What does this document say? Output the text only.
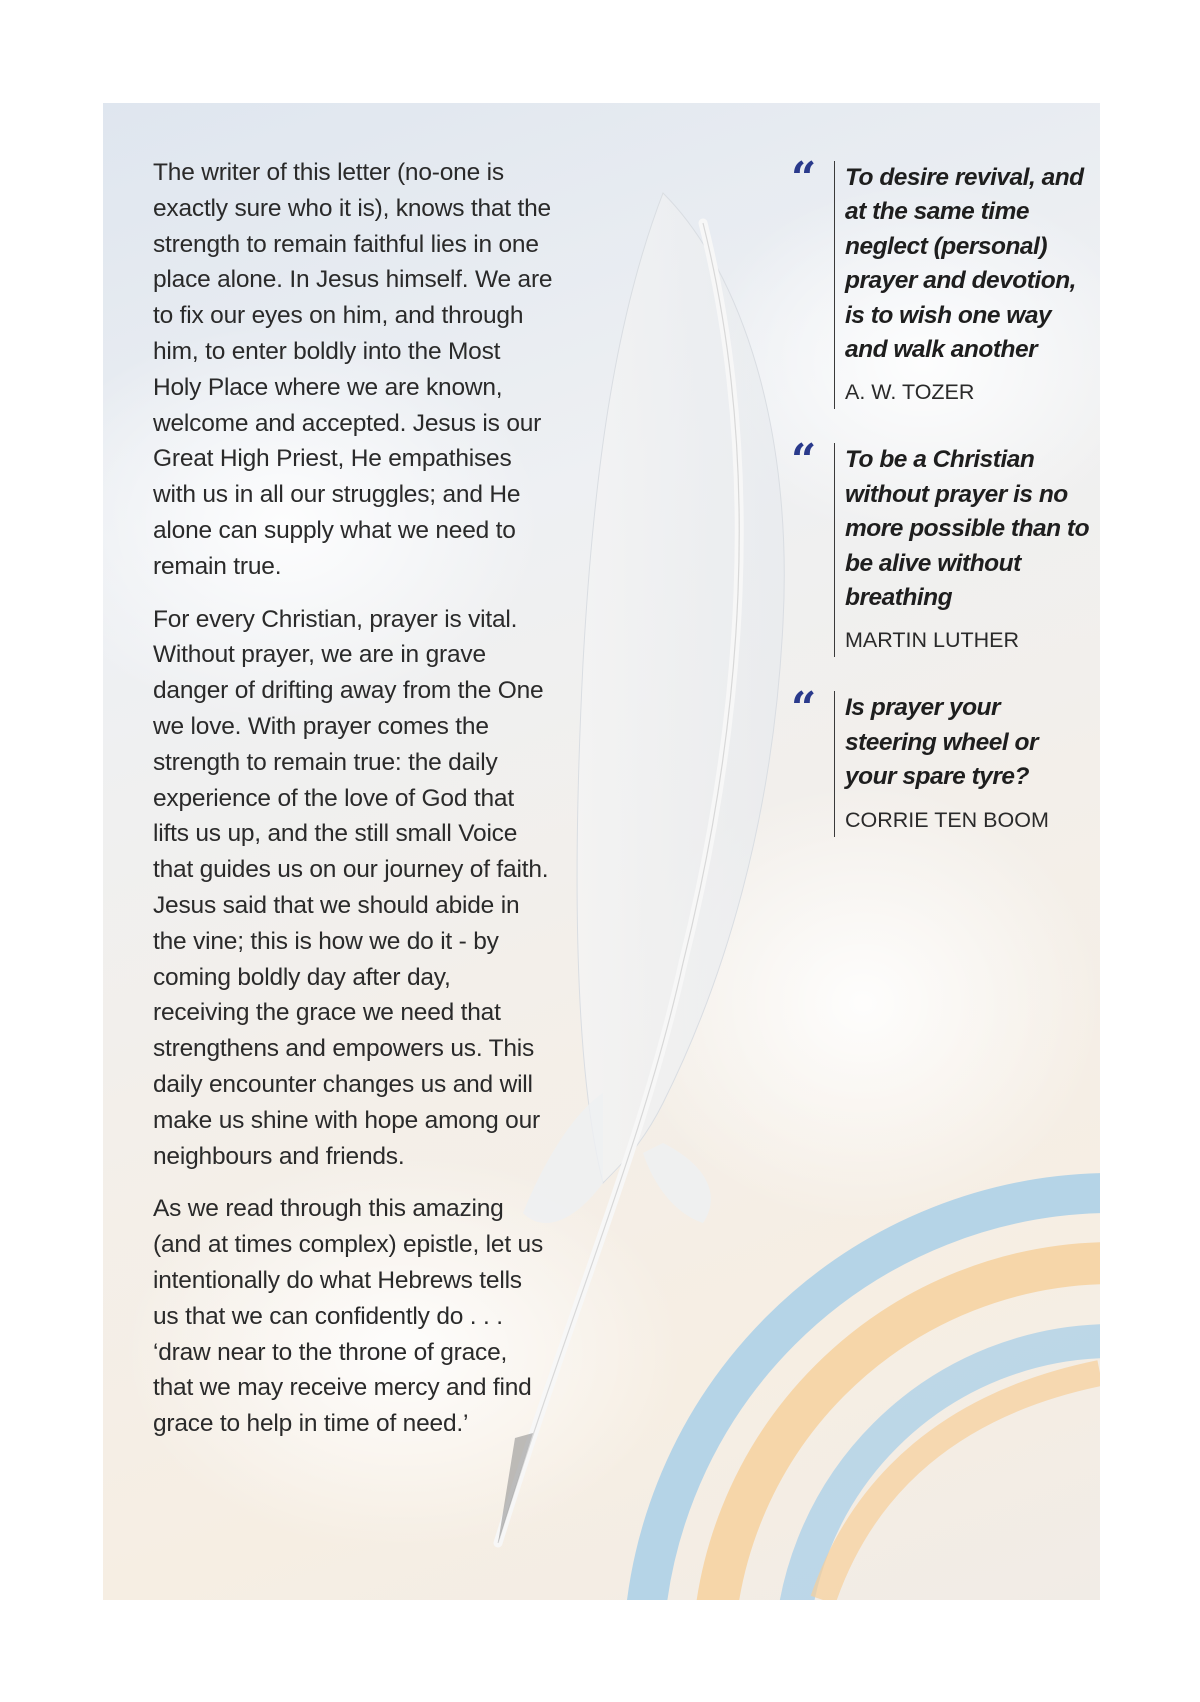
The writer of this letter (no-one is exactly sure who it is), knows that the strength to remain faithful lies in one place alone. In Jesus himself. We are to fix our eyes on him, and through him, to enter boldly into the Most Holy Place where we are known, welcome and accepted. Jesus is our Great High Priest, He empathises with us in all our struggles; and He alone can supply what we need to remain true.

For every Christian, prayer is vital. Without prayer, we are in grave danger of drifting away from the One we love. With prayer comes the strength to remain true: the daily experience of the love of God that lifts us up, and the still small Voice that guides us on our journey of faith. Jesus said that we should abide in the vine; this is how we do it - by coming boldly day after day, receiving the grace we need that strengthens and empowers us. This daily encounter changes us and will make us shine with hope among our neighbours and friends.

As we read through this amazing (and at times complex) epistle, let us intentionally do what Hebrews tells us that we can confidently do . . . ‘draw near to the throne of grace, that we may receive mercy and find grace to help in time of need.’

“ To desire revival, and at the same time neglect (personal) prayer and devotion, is to wish one way and walk another
A. W. TOZER
“ To be a Christian without prayer is no more possible than to be alive without breathing
MARTIN LUTHER
“ Is prayer your steering wheel or your spare tyre?
CORRIE TEN BOOM
